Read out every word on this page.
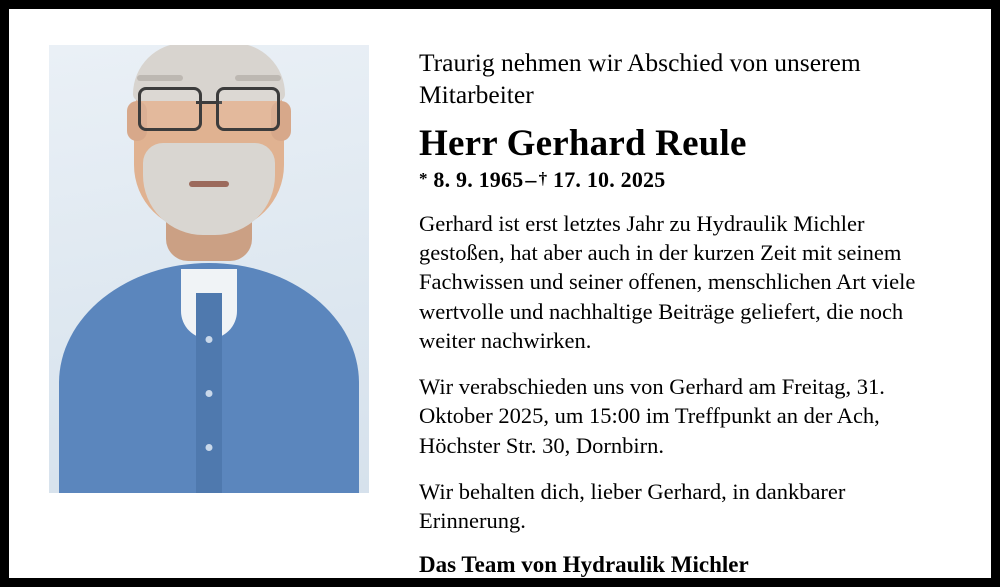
Traurig nehmen wir Abschied von unserem Mitarbeiter

Herr Gerhard Reule

* 8. 9. 1965– † 17. 10. 2025

Gerhard ist erst letztes Jahr zu Hydraulik Michler gestoßen, hat aber auch in der kurzen Zeit mit seinem Fachwissen und seiner offenen, menschlichen Art viele wertvolle und nachhaltige Beiträge geliefert, die noch weiter nachwirken.

Wir verabschieden uns von Gerhard am Freitag, 31. Oktober 2025, um 15:00 im Treffpunkt an der Ach, Höchster Str. 30, Dornbirn.

Wir behalten dich, lieber Gerhard, in dankbarer Erinnerung.

Das Team von Hydraulik Michler
